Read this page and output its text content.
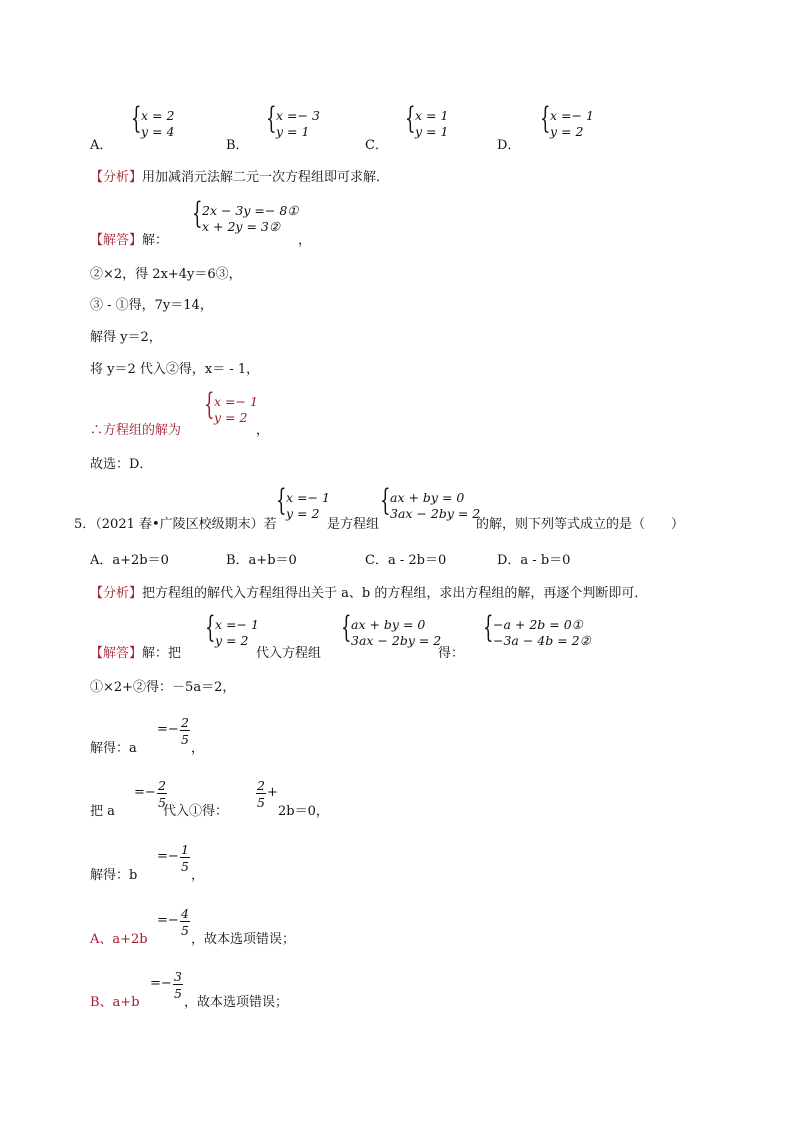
A．
{ x = 2
y = 4
B．
{ x =− 3
y = 1
C．
{ x = 1
y = 1
D．
{ x =− 1
y = 2
【分析】用加减消元法解二元一次方程组即可求解．
【解答】解：
{ 2x − 3y =− 8①
x + 2y = 3②
，
②×2，得 2x+4y＝6③，
③ - ①得，7y＝14，
解得 y＝2，
将 y＝2 代入②得，x＝ - 1，
∴方程组的解为
{ x =− 1
y = 2
，
故选：D．
5．（2021 春•广陵区校级期末）若
{ x =− 1
y = 2
是方程组
{ ax + by = 0
3ax − 2by = 2
的解，则下列等式成立的是（　　）
A．a+2b＝0	B．a+b＝0	C．a - 2b＝0	D．a - b＝0
【分析】把方程组的解代入方程组得出关于 a、b 的方程组，求出方程组的解，再逐个判断即可．
【解答】解：把
{ x =− 1
y = 2
代入方程组
{ ax + by = 0
3ax − 2by = 2
得：
{ −a + 2b = 0①
−3a − 4b = 2②
①×2+②得：－5a＝2，
解得：a
=− 2
5
，
把 a
=− 2
5
代入①得：
2
5
+
2b＝0，
解得：b
=− 1
5
，
A、a+2b
=− 4
5
，故本选项错误；
B、a+b
=− 3
5
，故本选项错误；
